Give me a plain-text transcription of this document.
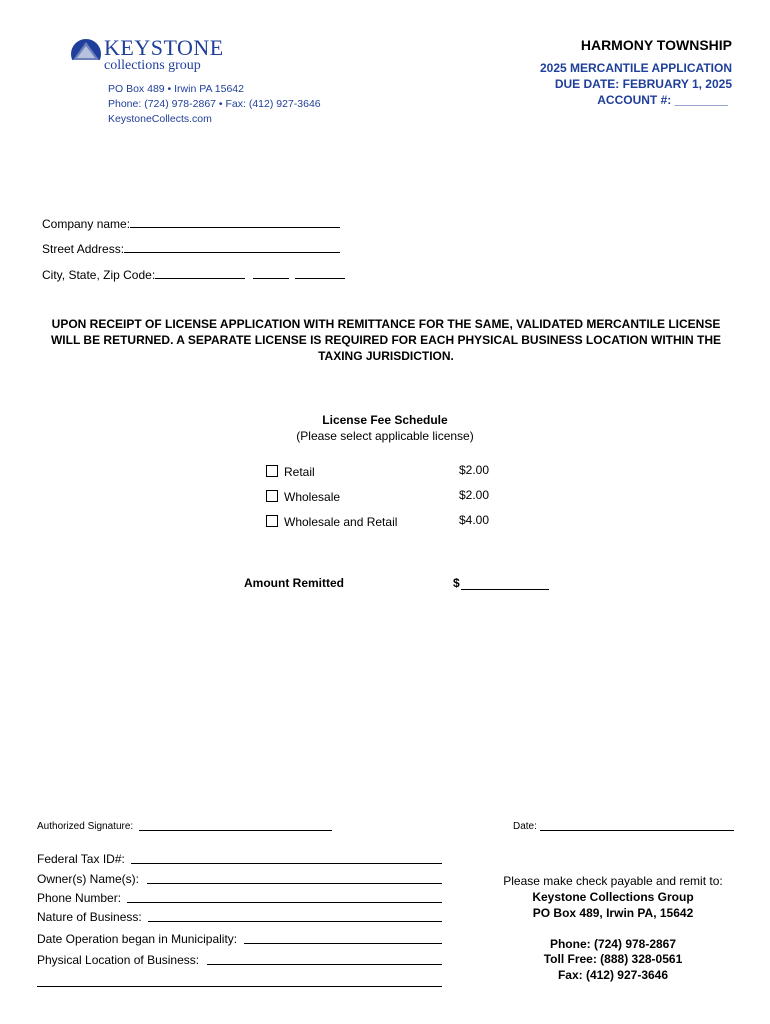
KEYSTONE
collections group
PO Box 489 • Irwin PA 15642
Phone: (724) 978-2867 • Fax: (412) 927-3646
KeystoneCollects.com
HARMONY TOWNSHIP
2025 MERCANTILE APPLICATION
DUE DATE: FEBRUARY 1, 2025
ACCOUNT #: ________
Company name:
Street Address:
City, State, Zip Code:
UPON RECEIPT OF LICENSE APPLICATION WITH REMITTANCE FOR THE SAME, VALIDATED MERCANTILE LICENSE WILL BE RETURNED. A SEPARATE LICENSE IS REQUIRED FOR EACH PHYSICAL BUSINESS LOCATION WITHIN THE TAXING JURISDICTION.
License Fee Schedule
(Please select applicable license)
Retail	$2.00
Wholesale	$2.00
Wholesale and Retail	$4.00
Amount Remitted	$
Authorized Signature:	Date:
Federal Tax ID#:
Owner(s) Name(s):
Phone Number:
Nature of Business:
Date Operation began in Municipality:
Physical Location of Business:
Please make check payable and remit to:
Keystone Collections Group
PO Box 489, Irwin PA, 15642
Phone: (724) 978-2867
Toll Free: (888) 328-0561
Fax: (412) 927-3646
